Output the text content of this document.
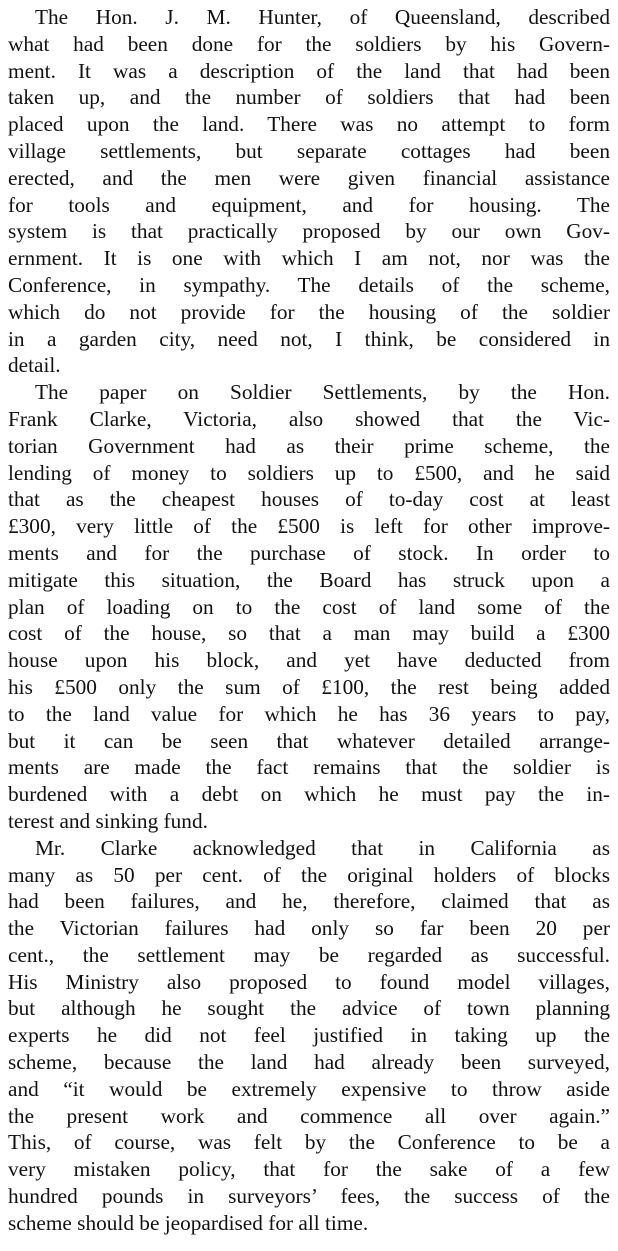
The Hon. J. M. Hunter, of Queensland, described
what had been done for the soldiers by his Govern-
ment. It was a description of the land that had been
taken up, and the number of soldiers that had been
placed upon the land. There was no attempt to form
village settlements, but separate cottages had been
erected, and the men were given financial assistance
for tools and equipment, and for housing. The
system is that practically proposed by our own Gov-
ernment. It is one with which I am not, nor was the
Conference, in sympathy. The details of the scheme,
which do not provide for the housing of the soldier
in a garden city, need not, I think, be considered in
detail.
The paper on Soldier Settlements, by the Hon.
Frank Clarke, Victoria, also showed that the Vic-
torian Government had as their prime scheme, the
lending of money to soldiers up to £500, and he said
that as the cheapest houses of to-day cost at least
£300, very little of the £500 is left for other improve-
ments and for the purchase of stock. In order to
mitigate this situation, the Board has struck upon a
plan of loading on to the cost of land some of the
cost of the house, so that a man may build a £300
house upon his block, and yet have deducted from
his £500 only the sum of £100, the rest being added
to the land value for which he has 36 years to pay,
but it can be seen that whatever detailed arrange-
ments are made the fact remains that the soldier is
burdened with a debt on which he must pay the in-
terest and sinking fund.
Mr. Clarke acknowledged that in California as
many as 50 per cent. of the original holders of blocks
had been failures, and he, therefore, claimed that as
the Victorian failures had only so far been 20 per
cent., the settlement may be regarded as successful.
His Ministry also proposed to found model villages,
but although he sought the advice of town planning
experts he did not feel justified in taking up the
scheme, because the land had already been surveyed,
and “it would be extremely expensive to throw aside
the present work and commence all over again.”
This, of course, was felt by the Conference to be a
very mistaken policy, that for the sake of a few
hundred pounds in surveyors’ fees, the success of the
scheme should be jeopardised for all time.
